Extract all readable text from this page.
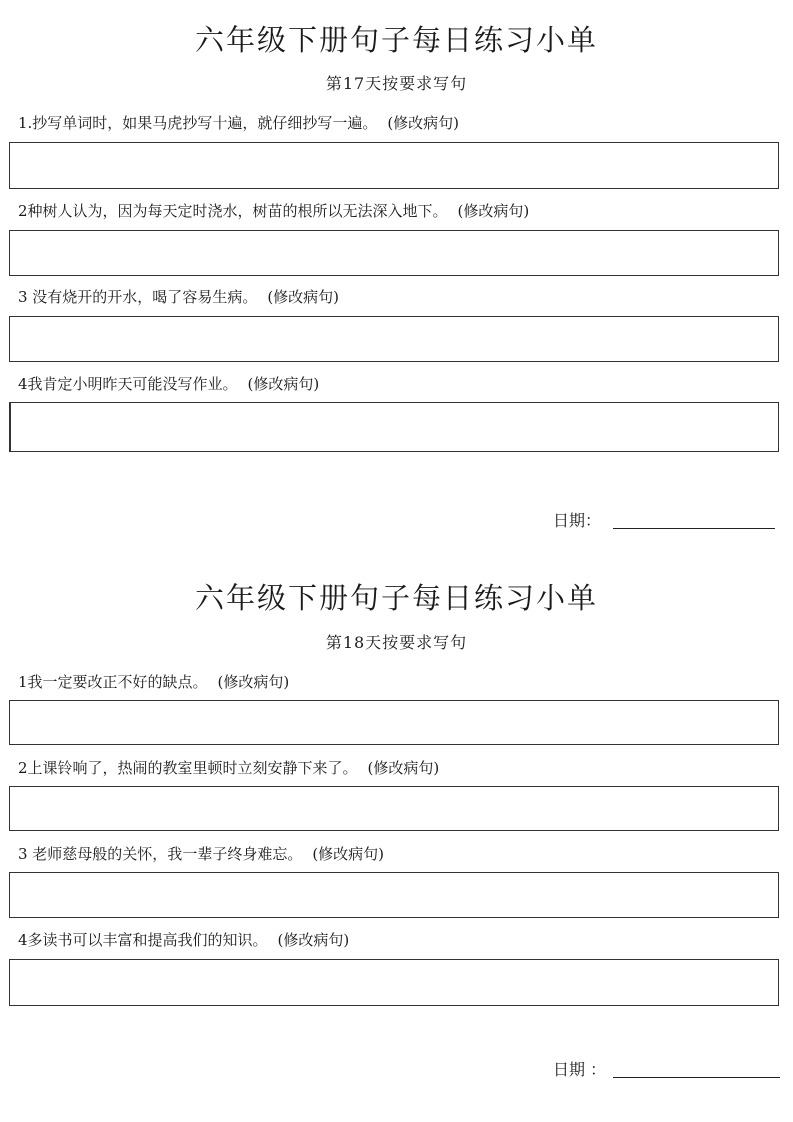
六年级下册句子每日练习小单
第17天按要求写句
1.抄写单词时，如果马虎抄写十遍，就仔细抄写一遍。 (修改病句)
2种树人认为，因为每天定时浇水，树苗的根所以无法深入地下。 (修改病句)
3 没有烧开的开水，喝了容易生病。 (修改病句)
4我肯定小明昨天可能没写作业。 (修改病句)
日期：
六年级下册句子每日练习小单
第18天按要求写句
1我一定要改正不好的缺点。 (修改病句)
2上课铃响了，热闹的教室里顿时立刻安静下来了。 (修改病句)
3 老师慈母般的关怀，我一辈子终身难忘。 (修改病句)
4多读书可以丰富和提高我们的知识。 (修改病句)
日期 ：
